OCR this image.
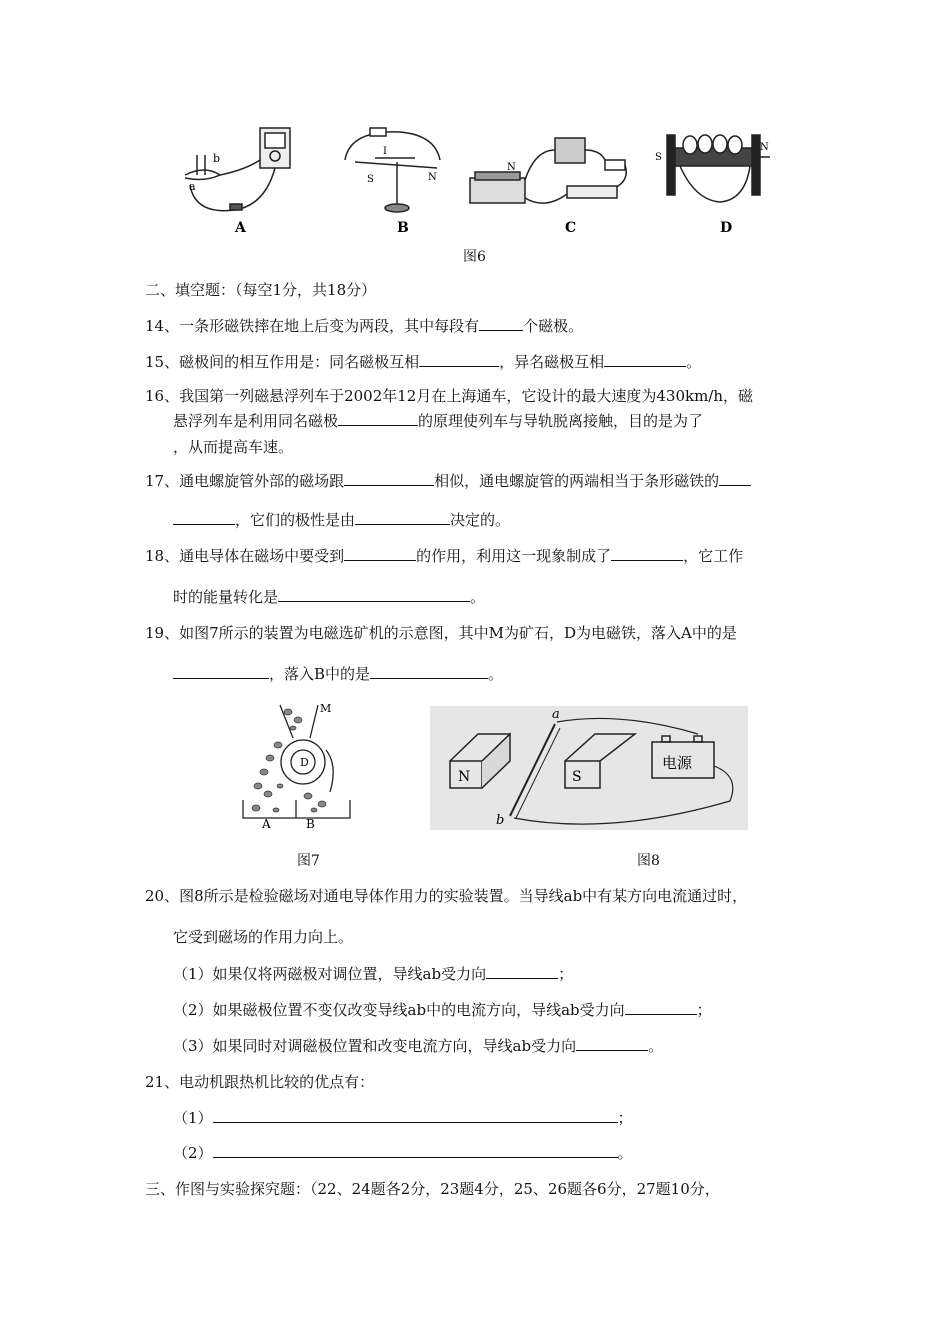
A
a
b
I
S	N
B
N
C
S
N
D
图6
二、填空题：（每空1分，共18分）
14、一条形磁铁摔在地上后变为两段，其中每段有	个磁极。
15、磁极间的相互作用是：同名磁极互相	，异名磁极互相	。
16、我国第一列磁悬浮列车于2002年12月在上海通车，它设计的最大速度为430km/h，磁
悬浮列车是利用同名磁极	的原理使列车与导轨脱离接触，目的是为了
，从而提高车速。
17、通电螺旋管外部的磁场跟	相似，通电螺旋管的两端相当于条形磁铁的
，它们的极性是由	决定的。
18、通电导体在磁场中要受到	的作用，利用这一现象制成了	，它工作
时的能量转化是	。
19、如图7所示的装置为电磁选矿机的示意图，其中M为矿石，D为电磁铁，落入A中的是
，落入B中的是	。
M
D
A	B
N	S
电源
a
b
图7	图8
20、图8所示是检验磁场对通电导体作用力的实验装置。当导线ab中有某方向电流通过时，
它受到磁场的作用力向上。
（1）如果仅将两磁极对调位置，导线ab受力向	；
（2）如果磁极位置不变仅改变导线ab中的电流方向，导线ab受力向	；
（3）如果同时对调磁极位置和改变电流方向，导线ab受力向	。
21、电动机跟热机比较的优点有：
（1）	；
（2）	。
三、作图与实验探究题：（22、24题各2分，23题4分，25、26题各6分，27题10分，
